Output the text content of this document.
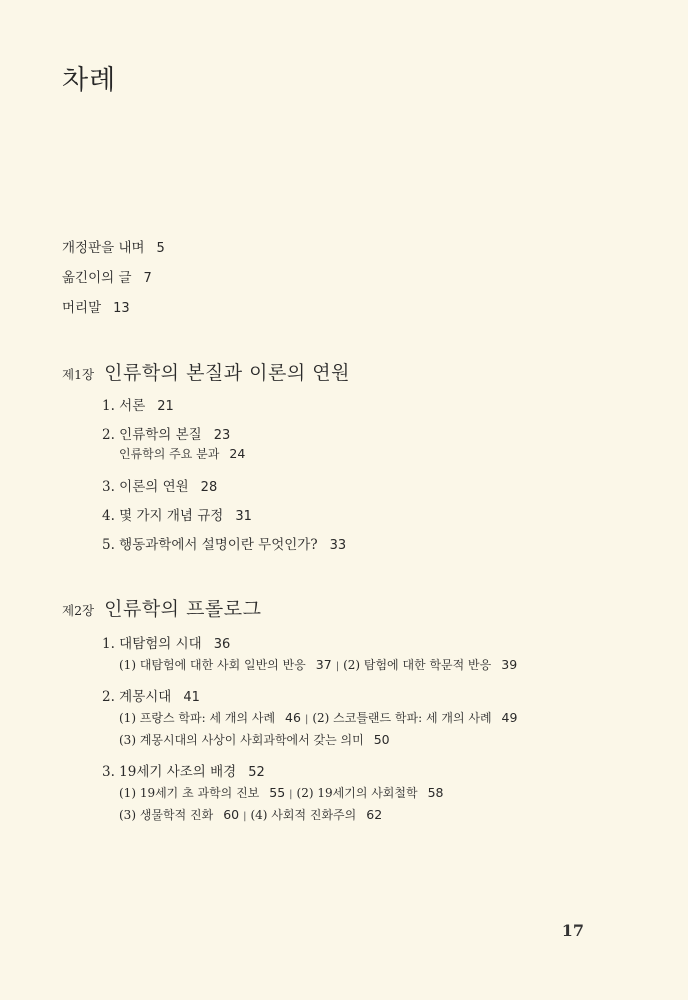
차례
개정판을 내며 5
옮긴이의 글 7
머리말 13
제1장 인류학의 본질과 이론의 연원
1. 서론 21
2. 인류학의 본질 23
인류학의 주요 분과 24
3. 이론의 연원 28
4. 몇 가지 개념 규정 31
5. 행동과학에서 설명이란 무엇인가? 33
제2장 인류학의 프롤로그
1. 대탐험의 시대 36
(1) 대탐험에 대한 사회 일반의 반응 37 | (2) 탐험에 대한 학문적 반응 39
2. 계몽시대 41
(1) 프랑스 학파: 세 개의 사례 46 | (2) 스코틀랜드 학파: 세 개의 사례 49
(3) 계몽시대의 사상이 사회과학에서 갖는 의미 50
3. 19세기 사조의 배경 52
(1) 19세기 초 과학의 진보 55 | (2) 19세기의 사회철학 58
(3) 생물학적 진화 60 | (4) 사회적 진화주의 62
17
